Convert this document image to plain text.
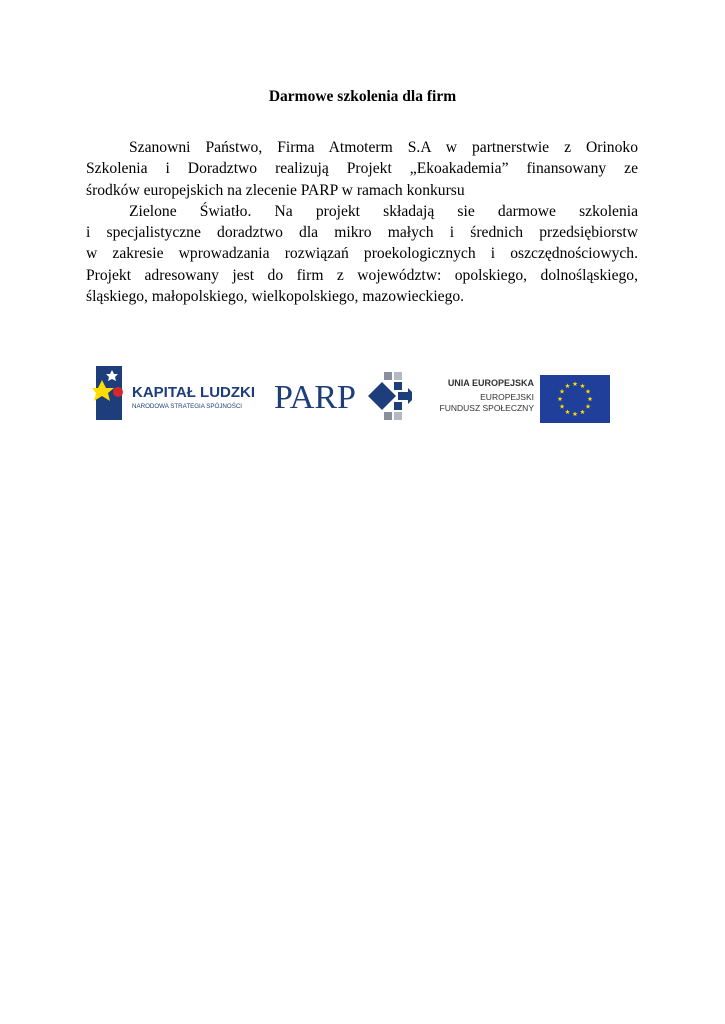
Darmowe szkolenia dla firm

Szanowni Państwo, Firma Atmoterm S.A w partnerstwie z Orinoko
Szkolenia i Doradztwo realizują Projekt „Ekoakademia” finansowany ze
środków europejskich na zlecenie PARP w ramach konkursu

Zielone Światło. Na projekt składają sie darmowe szkolenia
i specjalistyczne doradztwo dla mikro małych i średnich przedsiębiorstw
w zakresie wprowadzania rozwiązań proekologicznych i oszczędnościowych.
Projekt adresowany jest do firm z województw: opolskiego, dolnośląskiego,
śląskiego, małopolskiego, wielkopolskiego, mazowieckiego.

KAPITAŁ LUDZKI
NARODOWA STRATEGIA SPÓJNOŚCI PARP	UNIA EUROPEJSKA
EUROPEJSKI
FUNDUSZ SPOŁECZNY
